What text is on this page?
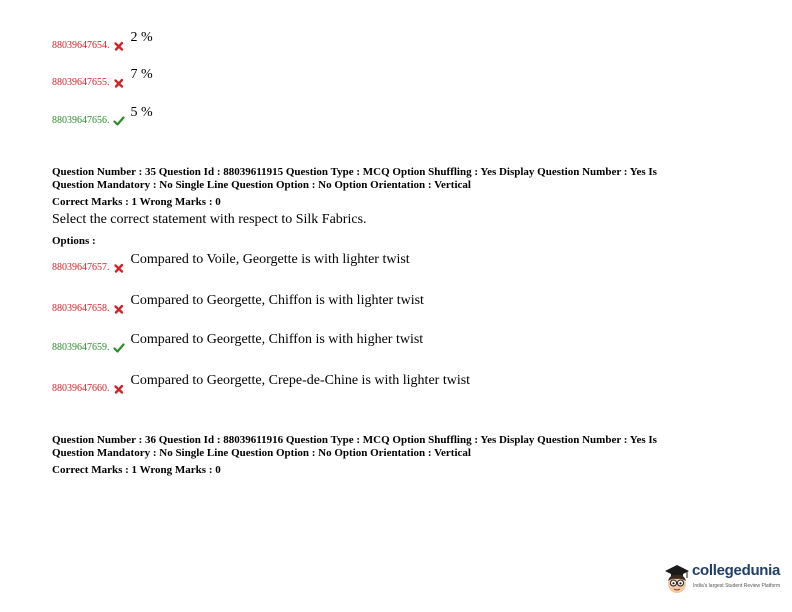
88039647654.
2 %
88039647655.
7 %
88039647656.
5 %
Question Number : 35 Question Id : 88039611915 Question Type : MCQ Option Shuffling : Yes Display Question Number : Yes Is
Question Mandatory : No Single Line Question Option : No Option Orientation : Vertical
Correct Marks : 1 Wrong Marks : 0
Select the correct statement with respect to Silk Fabrics.
Options :
88039647657.
Compared to Voile, Georgette is with lighter twist
88039647658.
Compared to Georgette, Chiffon is with lighter twist
88039647659.
Compared to Georgette, Chiffon is with higher twist
88039647660.
Compared to Georgette, Crepe-de-Chine is with lighter twist
Question Number : 36 Question Id : 88039611916 Question Type : MCQ Option Shuffling : Yes Display Question Number : Yes Is
Question Mandatory : No Single Line Question Option : No Option Orientation : Vertical
Correct Marks : 1 Wrong Marks : 0
collegedunia
India's largest Student Review Platform
